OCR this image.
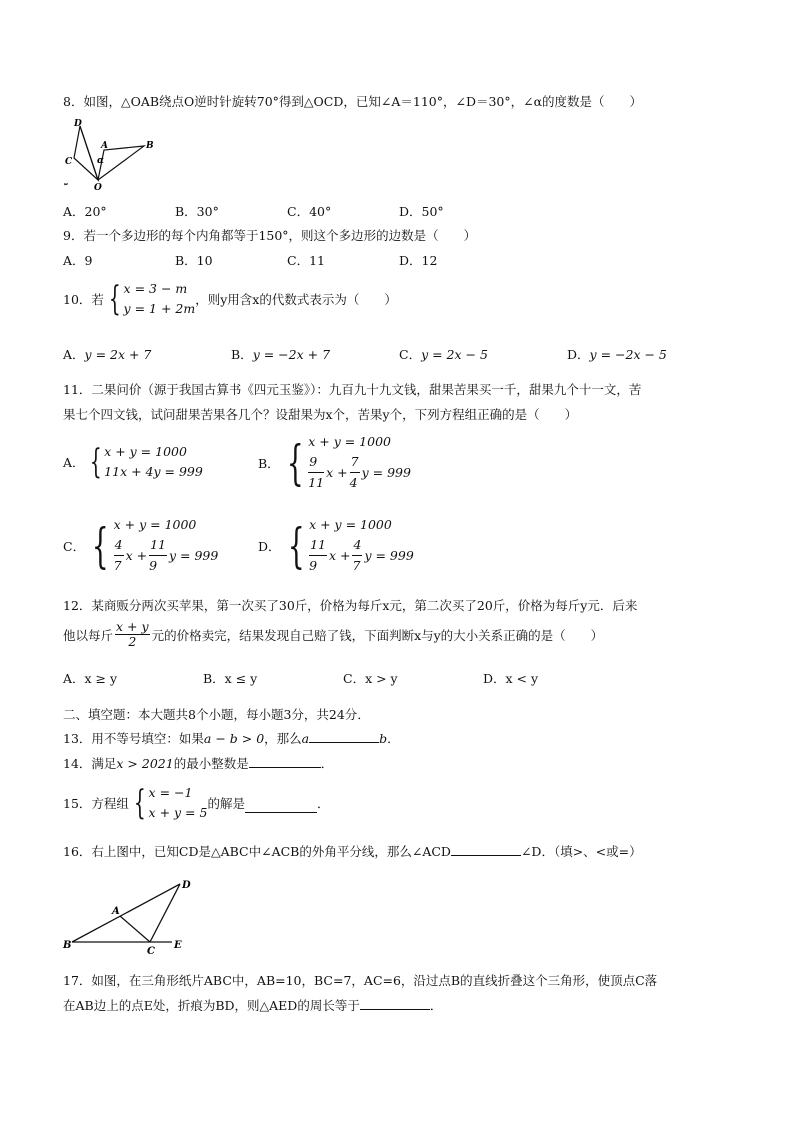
8．如图，△OAB绕点O逆时针旋转70°得到△OCD，已知∠A＝110°，∠D＝30°，∠α的度数是（　　）
D
A	B
C	α
O
ᄇ
A．20°	B．30°	C．40°	D．50°
9．若一个多边形的每个内角都等于150°，则这个多边形的边数是（　　）
A．9	B．10	C．11	D．12
10．若 { x = 3 − m
y = 1 + 2m
，则y用含x的代数式表示为（　　）
A．y = 2x + 7	B．y = −2x + 7	C．y = 2x − 5	D．y = −2x − 5
11．二果问价（源于我国古算书《四元玉鉴》）：九百九十九文钱，甜果苦果买一千，甜果九个十一文，苦
果七个四文钱，试问甜果苦果各几个？设甜果为x个，苦果y个，下列方程组正确的是（　　）
A． { x + y = 1000
11x + 4y = 999
B． { x + y = 1000
$\frac{9}{11}$ $x + \frac{7}{4}$ y = 999
C． { x + y = 1000
$\frac{4}{7}$ $x + \frac{11}{9}$ y = 999
D． { x + y = 1000
$\frac{11}{9}$ $x + \frac{4}{7}$ y = 999
12．某商贩分两次买苹果，第一次买了30斤，价格为每斤x元，第二次买了20斤，价格为每斤y元．后来
他以每斤 $\frac{x + y}{2}$ 元的价格卖完，结果发现自己赔了钱，下面判断x与y的大小关系正确的是（　　）
A．x ≥ y	B．x ≤ y	C．x > y	D．x < y
二、填空题：本大题共8个小题，每小题3分，共24分．
13．用不等号填空：如果a − b > 0，那么a	b．
14．满足x > 2021的最小整数是	．
15．方程组 { x = −1
x + y = 5
的解是	．
16．右上图中，已知CD是△ABC中∠ACB的外角平分线，那么∠ACD	∠D．（填>、<或=）
D
A
B
C
E
17．如图，在三角形纸片ABC中，AB=10，BC=7，AC=6，沿过点B的直线折叠这个三角形，使顶点C落
在AB边上的点E处，折痕为BD，则△AED的周长等于	．
